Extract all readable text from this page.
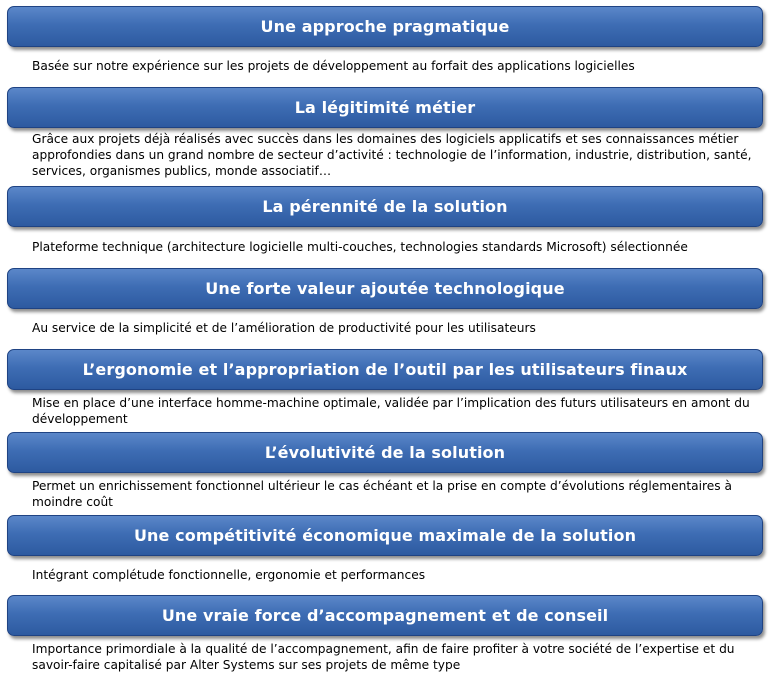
Une approche pragmatique
Basée sur notre expérience sur les projets de développement au forfait des applications logicielles
La légitimité métier
Grâce aux projets déjà réalisés avec succès dans les domaines des logiciels applicatifs et ses connaissances métier approfondies dans un grand nombre de secteur d’activité : technologie de l’information, industrie, distribution, santé, services, organismes publics, monde associatif…
La pérennité de la solution
Plateforme technique (architecture logicielle multi-couches, technologies standards Microsoft) sélectionnée
Une forte valeur ajoutée technologique
Au service de la simplicité et de l’amélioration de productivité pour les utilisateurs
L’ergonomie et l’appropriation de l’outil par les utilisateurs finaux
Mise en place d’une interface homme-machine optimale, validée par l’implication des futurs utilisateurs en amont du développement
L’évolutivité de la solution
Permet un enrichissement fonctionnel ultérieur le cas échéant et la prise en compte d’évolutions réglementaires à moindre coût
Une compétitivité économique maximale de la solution
Intégrant complétude fonctionnelle, ergonomie et performances
Une vraie force d’accompagnement et de conseil
Importance primordiale à la qualité de l’accompagnement, afin de faire profiter à votre société de l’expertise et du savoir-faire capitalisé par Alter Systems sur ses projets de même type
